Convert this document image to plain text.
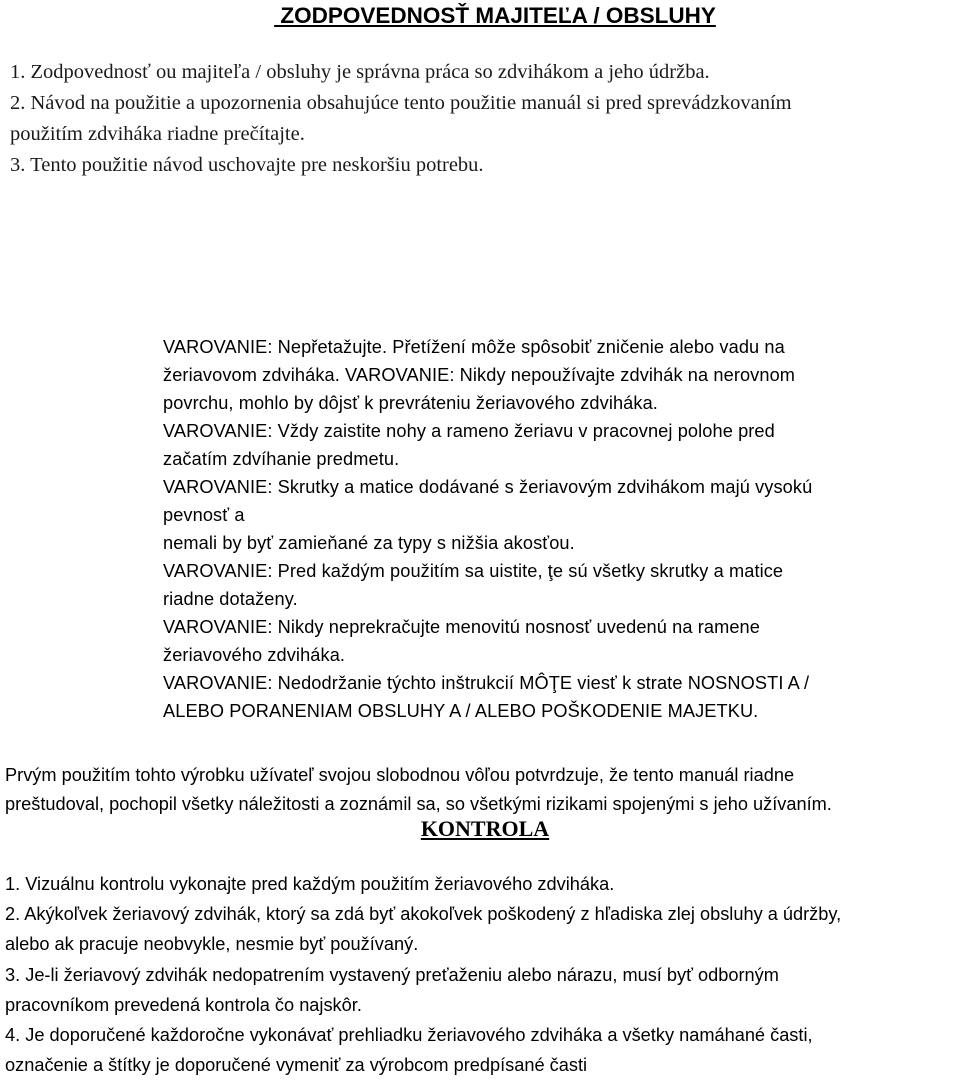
ZODPOVEDNOSŤ MAJITEĽA / OBSLUHY
1. Zodpovednosť ou majiteľa / obsluhy je správna práca so zdvihákom a jeho údržba.
2. Návod na použitie a upozornenia obsahujúce tento použitie manuál si pred sprevádzkovaním
použitím zdviháka riadne prečítajte.
3. Tento použitie návod uschovajte pre neskoršiu potrebu.
VAROVANIE: Nepřetažujte. Přetížení môže spôsobiť zničenie alebo vadu na
žeriavovom zdviháka. VAROVANIE: Nikdy nepoužívajte zdvihák na nerovnom
povrchu, mohlo by dôjsť k prevráteniu žeriavového zdviháka.
VAROVANIE: Vždy zaistite nohy a rameno žeriavu v pracovnej polohe pred
začatím zdvíhanie predmetu.
VAROVANIE: Skrutky a matice dodávané s žeriavovým zdvihákom majú vysokú
pevnosť a
nemali by byť zamieňané za typy s nižšia akosťou.
VAROVANIE: Pred každým použitím sa uistite, ţe sú všetky skrutky a matice
riadne dotaženy.
VAROVANIE: Nikdy neprekračujte menovitú nosnosť uvedenú na ramene
žeriavového zdviháka.
VAROVANIE: Nedodržanie týchto inštrukcií MÔŢE viesť k strate NOSNOSTI A /
ALEBO PORANENIAM OBSLUHY A / ALEBO POŠKODENIE MAJETKU.
Prvým použitím tohto výrobku užívateľ svojou slobodnou vôľou potvrdzuje, že tento manuál riadne
preštudoval, pochopil všetky náležitosti a zoznámil sa, so všetkými rizikami spojenými s jeho užívaním.
KONTROLA
1. Vizuálnu kontrolu vykonajte pred každým použitím žeriavového zdviháka.
2. Akýkoľvek žeriavový zdvihák, ktorý sa zdá byť akokoľvek poškodený z hľadiska zlej obsluhy a údržby,
alebo ak pracuje neobvykle, nesmie byť používaný.
3. Je-li žeriavový zdvihák nedopatrením vystavený preťaženiu alebo nárazu, musí byť odborným
pracovníkom prevedená kontrola čo najskôr.
4. Je doporučené každoročne vykonávať prehliadku žeriavového zdviháka a všetky namáhané časti,
označenie a štítky je doporučené vymeniť za výrobcom predpísané časti
